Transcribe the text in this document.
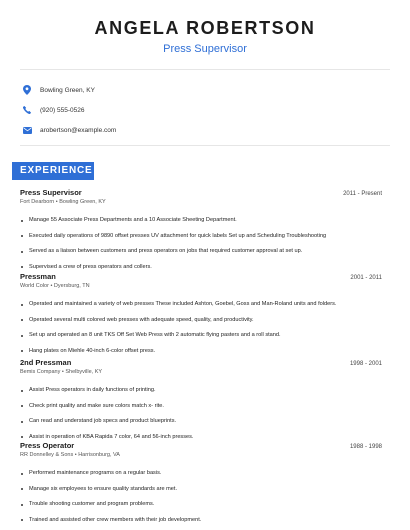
ANGELA ROBERTSON
Press Supervisor
Bowling Green, KY
(920) 555-0526
arobertson@example.com
EXPERIENCE
Press Supervisor	2011 - Present
Fort Dearborn • Bowling Green, KY
Manage 55 Associate Press Departments and a 10 Associate Sheeting Department.
Executed daily operations of 9890 offset presses UV attachment for quick labels Set up and Scheduling Troubleshooting
Served as a liaison between customers and press operators on jobs that required customer approval at set up.
Supervised a crew of press operators and collers.
Pressman	2001 - 2011
World Color • Dyersburg, TN
Operated and maintained a variety of web presses These included Ashton, Goebel, Goss and Man-Roland units and folders.
Operated several multi colored web presses with adequate speed, quality, and productivity.
Set up and operated an 8 unit TKS Off Set Web Press with 2 automatic flying pasters and a roll stand.
Hang plates on Miehle 40-inch 6-color offset press.
2nd Pressman	1998 - 2001
Bemis Company • Shelbyville, KY
Assist Press operators in daily functions of printing.
Check print quality and make sure colors match x- rite.
Can read and understand job specs and product blueprints.
Assist in operation of KBA Rapida 7 color, 64 and 56-inch presses.
Press Operator	1988 - 1998
RR Donnelley & Sons • Harrisonburg, VA
Performed maintenance programs on a regular basis.
Manage six employees to ensure quality standards are met.
Trouble shooting customer and program problems.
Trained and assisted other crew members with their job development.
